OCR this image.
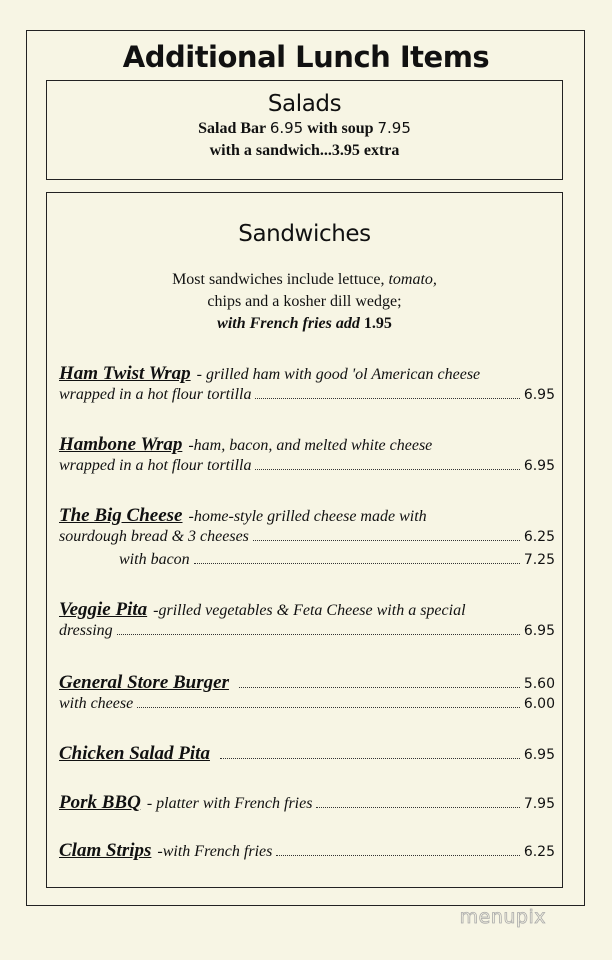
Additional Lunch Items
Salads
Salad Bar 6.95 with soup 7.95
with a sandwich...3.95 extra
Sandwiches
Most sandwiches include lettuce, tomato,
chips and a kosher dill wedge;
with French fries add 1.95
Ham Twist Wrap - grilled ham with good 'ol American cheese
wrapped in a hot flour tortilla	6.95
Hambone Wrap -ham, bacon, and melted white cheese
wrapped in a hot flour tortilla	6.95
The Big Cheese -home-style grilled cheese made with
sourdough bread & 3 cheeses	6.25
with bacon	7.25
Veggie Pita -grilled vegetables & Feta Cheese with a special
dressing	6.95
General Store Burger	5.60
with cheese	6.00
Chicken Salad Pita	6.95
Pork BBQ - platter with French fries	7.95
Clam Strips -with French fries	6.25
menupix
